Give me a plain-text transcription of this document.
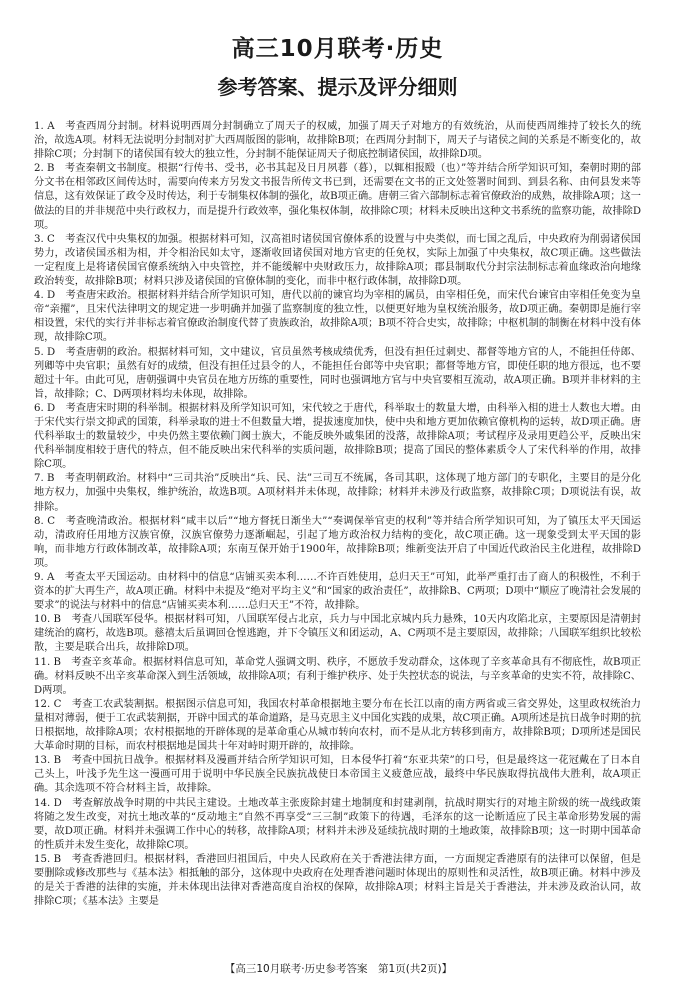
高三10月联考·历史
参考答案、提示及评分细则

1. A　考查西周分封制。材料说明西周分封制确立了周天子的权威，加强了周天子对地方的有效统治，从而使西周维持了较长久的统治，故选A项。材料无法说明分封制对扩大西周版图的影响，故排除B项；在西周分封制下，周天子与诸侯之间的关系是不断变化的，故排除C项；分封制下的诸侯国有较大的独立性，分封制不能保证周天子彻底控制诸侯国，故排除D项。

2. B　考查秦朝文书制度。根据“行传书、受书，必书其起及日月夙暮（暮），以辄相报殹（也）”等并结合所学知识可知，秦朝时期的部分文书在相邻政区间传达时，需要向传来方另发文书报告所传文书已到，还需要在文书的正文处签署时间到、到县名称、由何县发来等信息，这有效保证了政令及时传达，利于专制集权体制的强化，故B项正确。唐朝三省六部制标志着官僚政治的成熟，故排除A项；这一做法的目的并非规范中央行政权力，而是提升行政效率，强化集权体制，故排除C项；材料未反映出这种文书系统的监察功能，故排除D项。

3. C　考查汉代中央集权的加强。根据材料可知，汉高祖时诸侯国官僚体系的设置与中央类似，而七国之乱后，中央政府为削弱诸侯国势力，改诸侯国丞相为相，并令相治民如太守，逐渐收回诸侯国对地方官吏的任免权，实际上加强了中央集权，故C项正确。这些做法一定程度上是将诸侯国官僚系统纳入中央管控，并不能缓解中央财政压力，故排除A项；郡县制取代分封宗法制标志着血缘政治向地缘政治转变，故排除B项；材料只涉及诸侯国的官僚体制的变化，而非中枢行政体制，故排除D项。

4. D　考查唐宋政治。根据材料并结合所学知识可知，唐代以前的谏官均为宰相的属员，由宰相任免，而宋代台谏官由宰相任免变为皇帝“亲擢”，且宋代法律明文的规定进一步明确并加强了监察制度的独立性，以便更好地为皇权统治服务，故D项正确。秦朝即是施行宰相设置，宋代的实行并非标志着官僚政治制度代替了贵族政治，故排除A项；B项不符合史实，故排除；中枢机制的制衡在材料中没有体现，故排除C项。

5. D　考查唐朝的政治。根据材料可知，文中建议，官员虽然考核成绩优秀，但没有担任过刺史、都督等地方官的人，不能担任侍郎、列卿等中央官职；虽然有好的成绩，但没有担任过县令的人，不能担任台郎等中央官职；都督等地方官，即使任职的地方很远，也不要超过十年。由此可见，唐朝强调中央官员在地方历练的重要性，同时也强调地方官与中央官要相互流动，故A项正确。B项并非材料的主旨，故排除；C、D两项材料均未体现，故排除。

6. D　考查唐宋时期的科举制。根据材料及所学知识可知，宋代较之于唐代，科举取士的数量大增，由科举入相的进士人数也大增。由于宋代实行崇文抑武的国策，科举录取的进士不但数量大增，提拔速度加快，使中央和地方更加依赖官僚机构的运转，故D项正确。唐代科举取士的数量较少，中央仍然主要依赖门阀士族大，不能反映外戚集团的没落，故排除A项；考试程序及录用更趋公平，反映出宋代科举制度相较于唐代的特点，但不能反映出宋代科举的实质问题，故排除B项；提高了国民的整体素质令人了宋代科举的作用，故排除C项。

7. B　考查明朝政治。材料中“三司共治”反映出“兵、民、法”三司互不统属，各司其职，这体现了地方部门的专职化，主要目的是分化地方权力，加强中央集权，维护统治，故选B项。A项材料并未体现，故排除；材料并未涉及行政监察，故排除C项；D项说法有误，故排除。

8. C　考查晚清政治。根据材料“咸丰以后”“地方督抚日渐坐大”“奏调保举官吏的权利”等并结合所学知识可知，为了镇压太平天国运动，清政府任用地方汉族官僚，汉族官僚势力逐渐崛起，引起了地方政治权力结构的变化，故C项正确。这一现象受到太平天国的影响，而非地方行政体制改革，故排除A项；东南互保开始于1900年，故排除B项；维新变法开启了中国近代政治民主化进程，故排除D项。

9. A　考查太平天国运动。由材料中的信息“店铺买卖本利……不许百姓使用，总归天王”可知，此举严重打击了商人的积极性，不利于资本的扩大再生产，故A项正确。材料中未提及“绝对平均主义”和“国家的政治责任”，故排除B、C两项；D项中“顺应了晚清社会发展的要求”的说法与材料中的信息“店铺买卖本利……总归天王”不符，故排除。

10. B　考查八国联军侵华。根据材料可知，八国联军侵占北京，兵力与中国北京城内兵力悬殊，10天内攻陷北京，主要原因是清朝封建统治的腐朽，故选B项。慈禧太后虽调回仓惶逃跑，并下令镇压义和团运动，A、C两项不是主要原因，故排除；八国联军组织比较松散，主要是联合出兵，故排除D项。

11. B　考查辛亥革命。根据材料信息可知，革命党人强调文明、秩序，不愿放手发动群众，这体现了辛亥革命具有不彻底性，故B项正确。材料反映不出辛亥革命深入到生活领域，故排除A项；有利于维护秩序、处于失控状态的说法，与辛亥革命的史实不符，故排除C、D两项。

12. C　考查工农武装割据。根据图示信息可知，我国农村革命根据地主要分布在长江以南的南方两省或三省交界处，这里政权统治力量相对薄弱，便于工农武装割据，开辟中国式的革命道路，是马克思主义中国化实践的成果，故C项正确。A项所述是抗日战争时期的抗日根据地，故排除A项；农村根据地的开辟体现的是革命重心从城市转向农村，而不是从北方转移到南方，故排除B项；D项所述是国民大革命时期的目标，而农村根据地是国共十年对峙时期开辟的，故排除。

13. B　考查中国抗日战争。根据材料及漫画并结合所学知识可知，日本侵华打着“东亚共荣”的口号，但是最终这一花冠戴在了日本自己头上，叶浅予先生这一漫画可用于说明中华民族全民族抗战使日本帝国主义疲惫应战，最终中华民族取得抗战伟大胜利，故A项正确。其余选项不符合材料主旨，故排除。

14. D　考查解放战争时期的中共民主建设。土地改革主张废除封建土地制度和封建剥削，抗战时期实行的对地主阶级的统一战线政策将随之发生改变，对抗土地改革的“反动地主”自然不再享受“三三制”政策下的待遇，毛泽东的这一论断适应了民主革命形势发展的需要，故D项正确。材料并未强调工作中心的转移，故排除A项；材料并未涉及延续抗战时期的土地政策，故排除B项；这一时期中国革命的性质并未发生变化，故排除C项。

15. B　考查香港回归。根据材料，香港回归祖国后，中央人民政府在关于香港法律方面，一方面规定香港原有的法律可以保留，但是要删除或修改那些与《基本法》相抵触的部分，这体现中央政府在处理香港问题时体现出的原则性和灵活性，故B项正确。材料中涉及的是关于香港的法律的实施，并未体现出法律对香港高度自治权的保障，故排除A项；材料主旨是关于香港法，并未涉及政治认同，故排除C项；《基本法》主要是

【高三10月联考·历史参考答案　第1页(共2页)】
